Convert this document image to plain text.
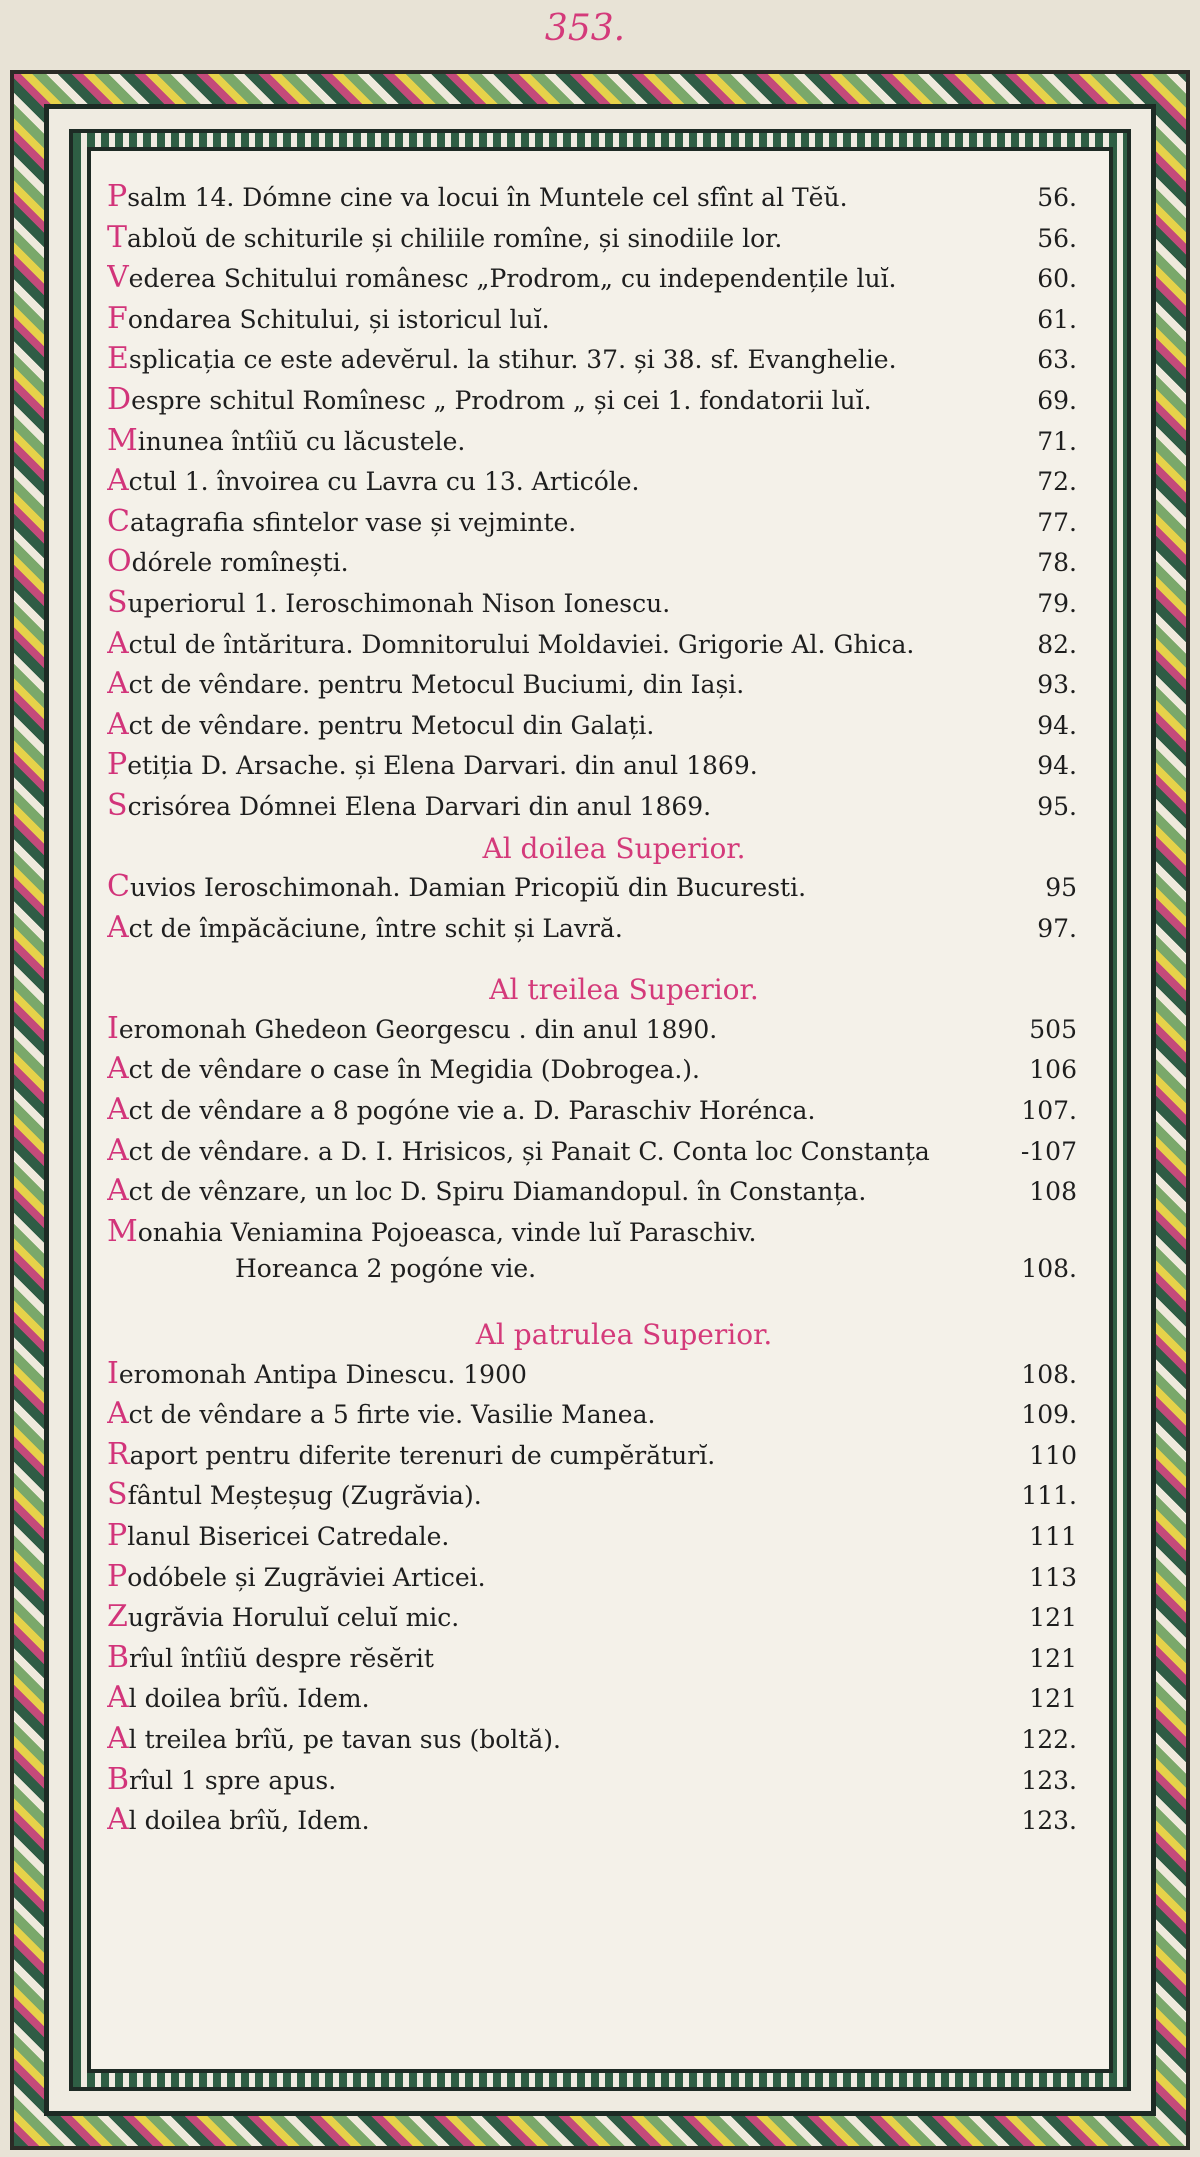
353.
Psalm 14. Dómne cine va locui în Muntele cel sfînt al Tĕŭ.	56.
Tabloŭ de schiturile și chiliile romîne, și sinodiile lor.	56.
Vederea Schitului românesc „Prodrom„ cu independențile luĭ.	60.
Fondarea Schitului, și istoricul luĭ.	61.
Esplicația ce este adevĕrul. la stihur. 37. și 38. sf. Evanghelie.	63.
Despre schitul Romînesc „ Prodrom „ și cei 1. fondatorii luĭ.	69.
Minunea întîiŭ cu lăcustele.	71.
Actul 1. învoirea cu Lavra cu 13. Articóle.	72.
Catagrafia sfintelor vase și vejminte.	77.
Odórele romînești.	78.
Superiorul 1. Ieroschimonah Nison Ionescu.	79.
Actul de întăritura. Domnitorului Moldaviei. Grigorie Al. Ghica.	82.
Act de vêndare. pentru Metocul Buciumi, din Iași.	93.
Act de vêndare. pentru Metocul din Galați.	94.
Petiția D. Arsache. și Elena Darvari. din anul 1869.	94.
Scrisórea Dómnei Elena Darvari din anul 1869.	95.
Al doilea Superior.
Cuvios Ieroschimonah. Damian Pricopiŭ din Bucuresti.	95
Act de împăcăciune, între schit și Lavră.	97.
Al treilea Superior.
Ieromonah Ghedeon Georgescu . din anul 1890.	505
Act de vêndare o case în Megidia (Dobrogea.).	106
Act de vêndare a 8 pogóne vie a. D. Paraschiv Horénca.	107.
Act de vêndare. a D. I. Hrisicos, și Panait C. Conta loc Constanța	-107
Act de vênzare, un loc D. Spiru Diamandopul. în Constanța.	108
Monahia Veniamina Pojoeasca, vinde luĭ Paraschiv.
Horeanca 2 pogóne vie.	108.
Al patrulea Superior.
Ieromonah Antipa Dinescu. 1900	108.
Act de vêndare a 5 firte vie. Vasilie Manea.	109.
Raport pentru diferite terenuri de cumpĕrăturĭ.	110
Sfântul Meșteșug (Zugrăvia).	111.
Planul Bisericei Catredale.	111
Podóbele și Zugrăviei Articei.	113
Zugrăvia Horuluĭ celuĭ mic.	121
Brîul întîiŭ despre rĕsĕrit	121
Al doilea brîŭ. Idem.	121
Al treilea brîŭ, pe tavan sus (boltă).	122.
Brîul 1 spre apus.	123.
Al doilea brîŭ, Idem.	123.
